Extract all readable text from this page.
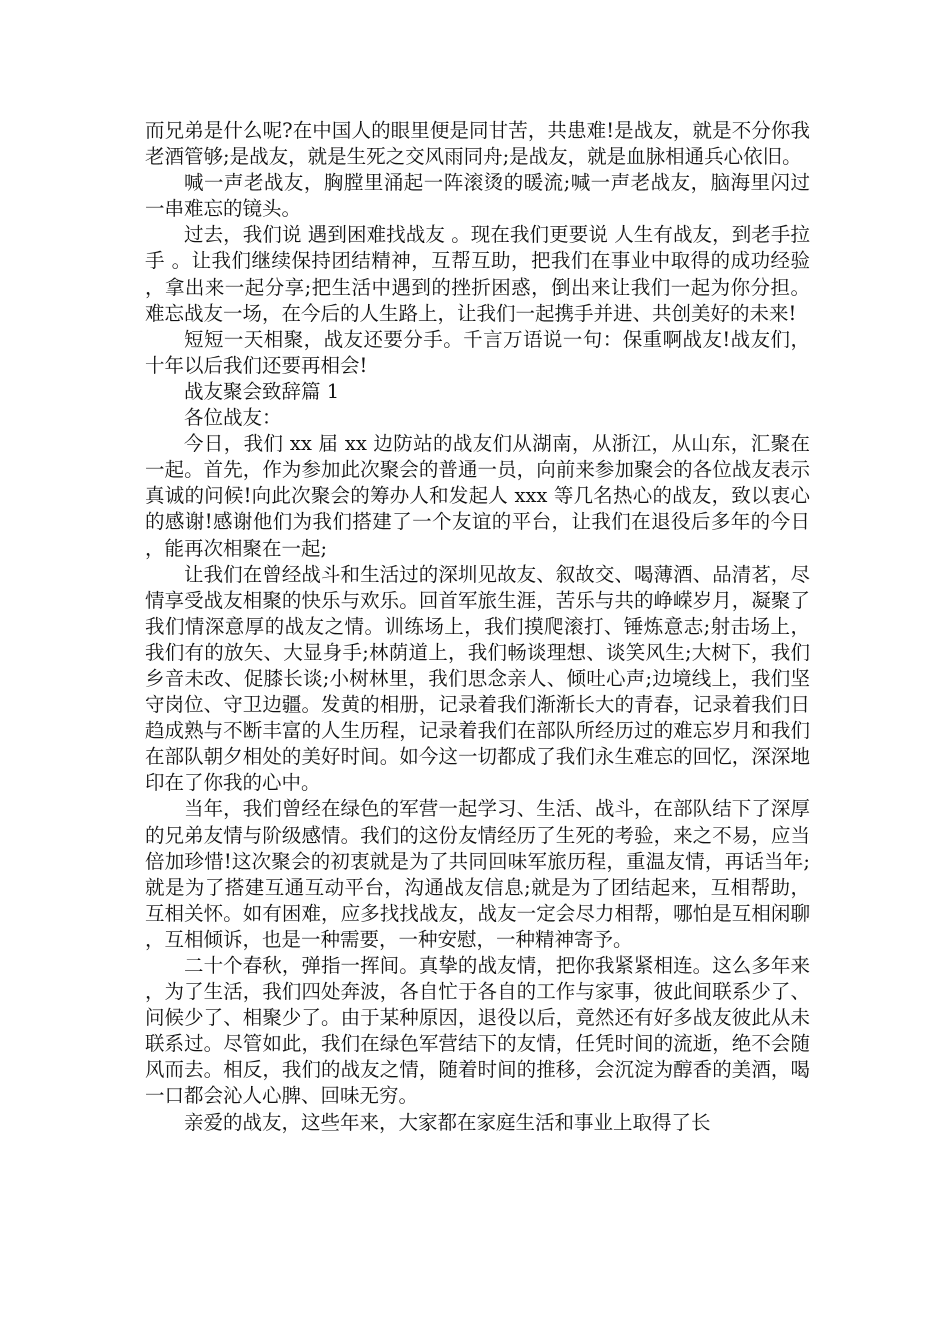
而兄弟是什么呢?在中国人的眼里便是同甘苦，共患难!是战友，就是不分你我老酒管够;是战友，就是生死之交风雨同舟;是战友，就是血脉相通兵心依旧。

喊一声老战友，胸膛里涌起一阵滚烫的暖流;喊一声老战友，脑海里闪过一串难忘的镜头。

过去，我们说 遇到困难找战友 。现在我们更要说 人生有战友，到老手拉手 。让我们继续保持团结精神，互帮互助，把我们在事业中取得的成功经验，拿出来一起分享;把生活中遇到的挫折困惑，倒出来让我们一起为你分担。难忘战友一场，在今后的人生路上，让我们一起携手并进、共创美好的未来!

短短一天相聚，战友还要分手。千言万语说一句：保重啊战友!战友们，十年以后我们还要再相会!

战友聚会致辞篇 1

各位战友：

今日，我们 xx 届 xx 边防站的战友们从湖南，从浙江，从山东，汇聚在一起。首先，作为参加此次聚会的普通一员，向前来参加聚会的各位战友表示真诚的问候!向此次聚会的筹办人和发起人 xxx 等几名热心的战友，致以衷心的感谢!感谢他们为我们搭建了一个友谊的平台，让我们在退役后多年的今日，能再次相聚在一起;

让我们在曾经战斗和生活过的深圳见故友、叙故交、喝薄酒、品清茗，尽情享受战友相聚的快乐与欢乐。回首军旅生涯，苦乐与共的峥嵘岁月，凝聚了我们情深意厚的战友之情。训练场上，我们摸爬滚打、锤炼意志;射击场上，我们有的放矢、大显身手;林荫道上，我们畅谈理想、谈笑风生;大树下，我们乡音未改、促膝长谈;小树林里，我们思念亲人、倾吐心声;边境线上，我们坚守岗位、守卫边疆。发黄的相册，记录着我们渐渐长大的青春，记录着我们日趋成熟与不断丰富的人生历程，记录着我们在部队所经历过的难忘岁月和我们在部队朝夕相处的美好时间。如今这一切都成了我们永生难忘的回忆，深深地印在了你我的心中。

当年，我们曾经在绿色的军营一起学习、生活、战斗，在部队结下了深厚的兄弟友情与阶级感情。我们的这份友情经历了生死的考验，来之不易，应当倍加珍惜!这次聚会的初衷就是为了共同回味军旅历程，重温友情，再话当年;就是为了搭建互通互动平台，沟通战友信息;就是为了团结起来，互相帮助，互相关怀。如有困难，应多找找战友，战友一定会尽力相帮，哪怕是互相闲聊，互相倾诉，也是一种需要，一种安慰，一种精神寄予。

二十个春秋，弹指一挥间。真挚的战友情，把你我紧紧相连。这么多年来，为了生活，我们四处奔波，各自忙于各自的工作与家事，彼此间联系少了、问候少了、相聚少了。由于某种原因，退役以后，竟然还有好多战友彼此从未联系过。尽管如此，我们在绿色军营结下的友情，任凭时间的流逝，绝不会随风而去。相反，我们的战友之情，随着时间的推移，会沉淀为醇香的美酒，喝一口都会沁人心脾、回味无穷。

亲爱的战友，这些年来，大家都在家庭生活和事业上取得了长
